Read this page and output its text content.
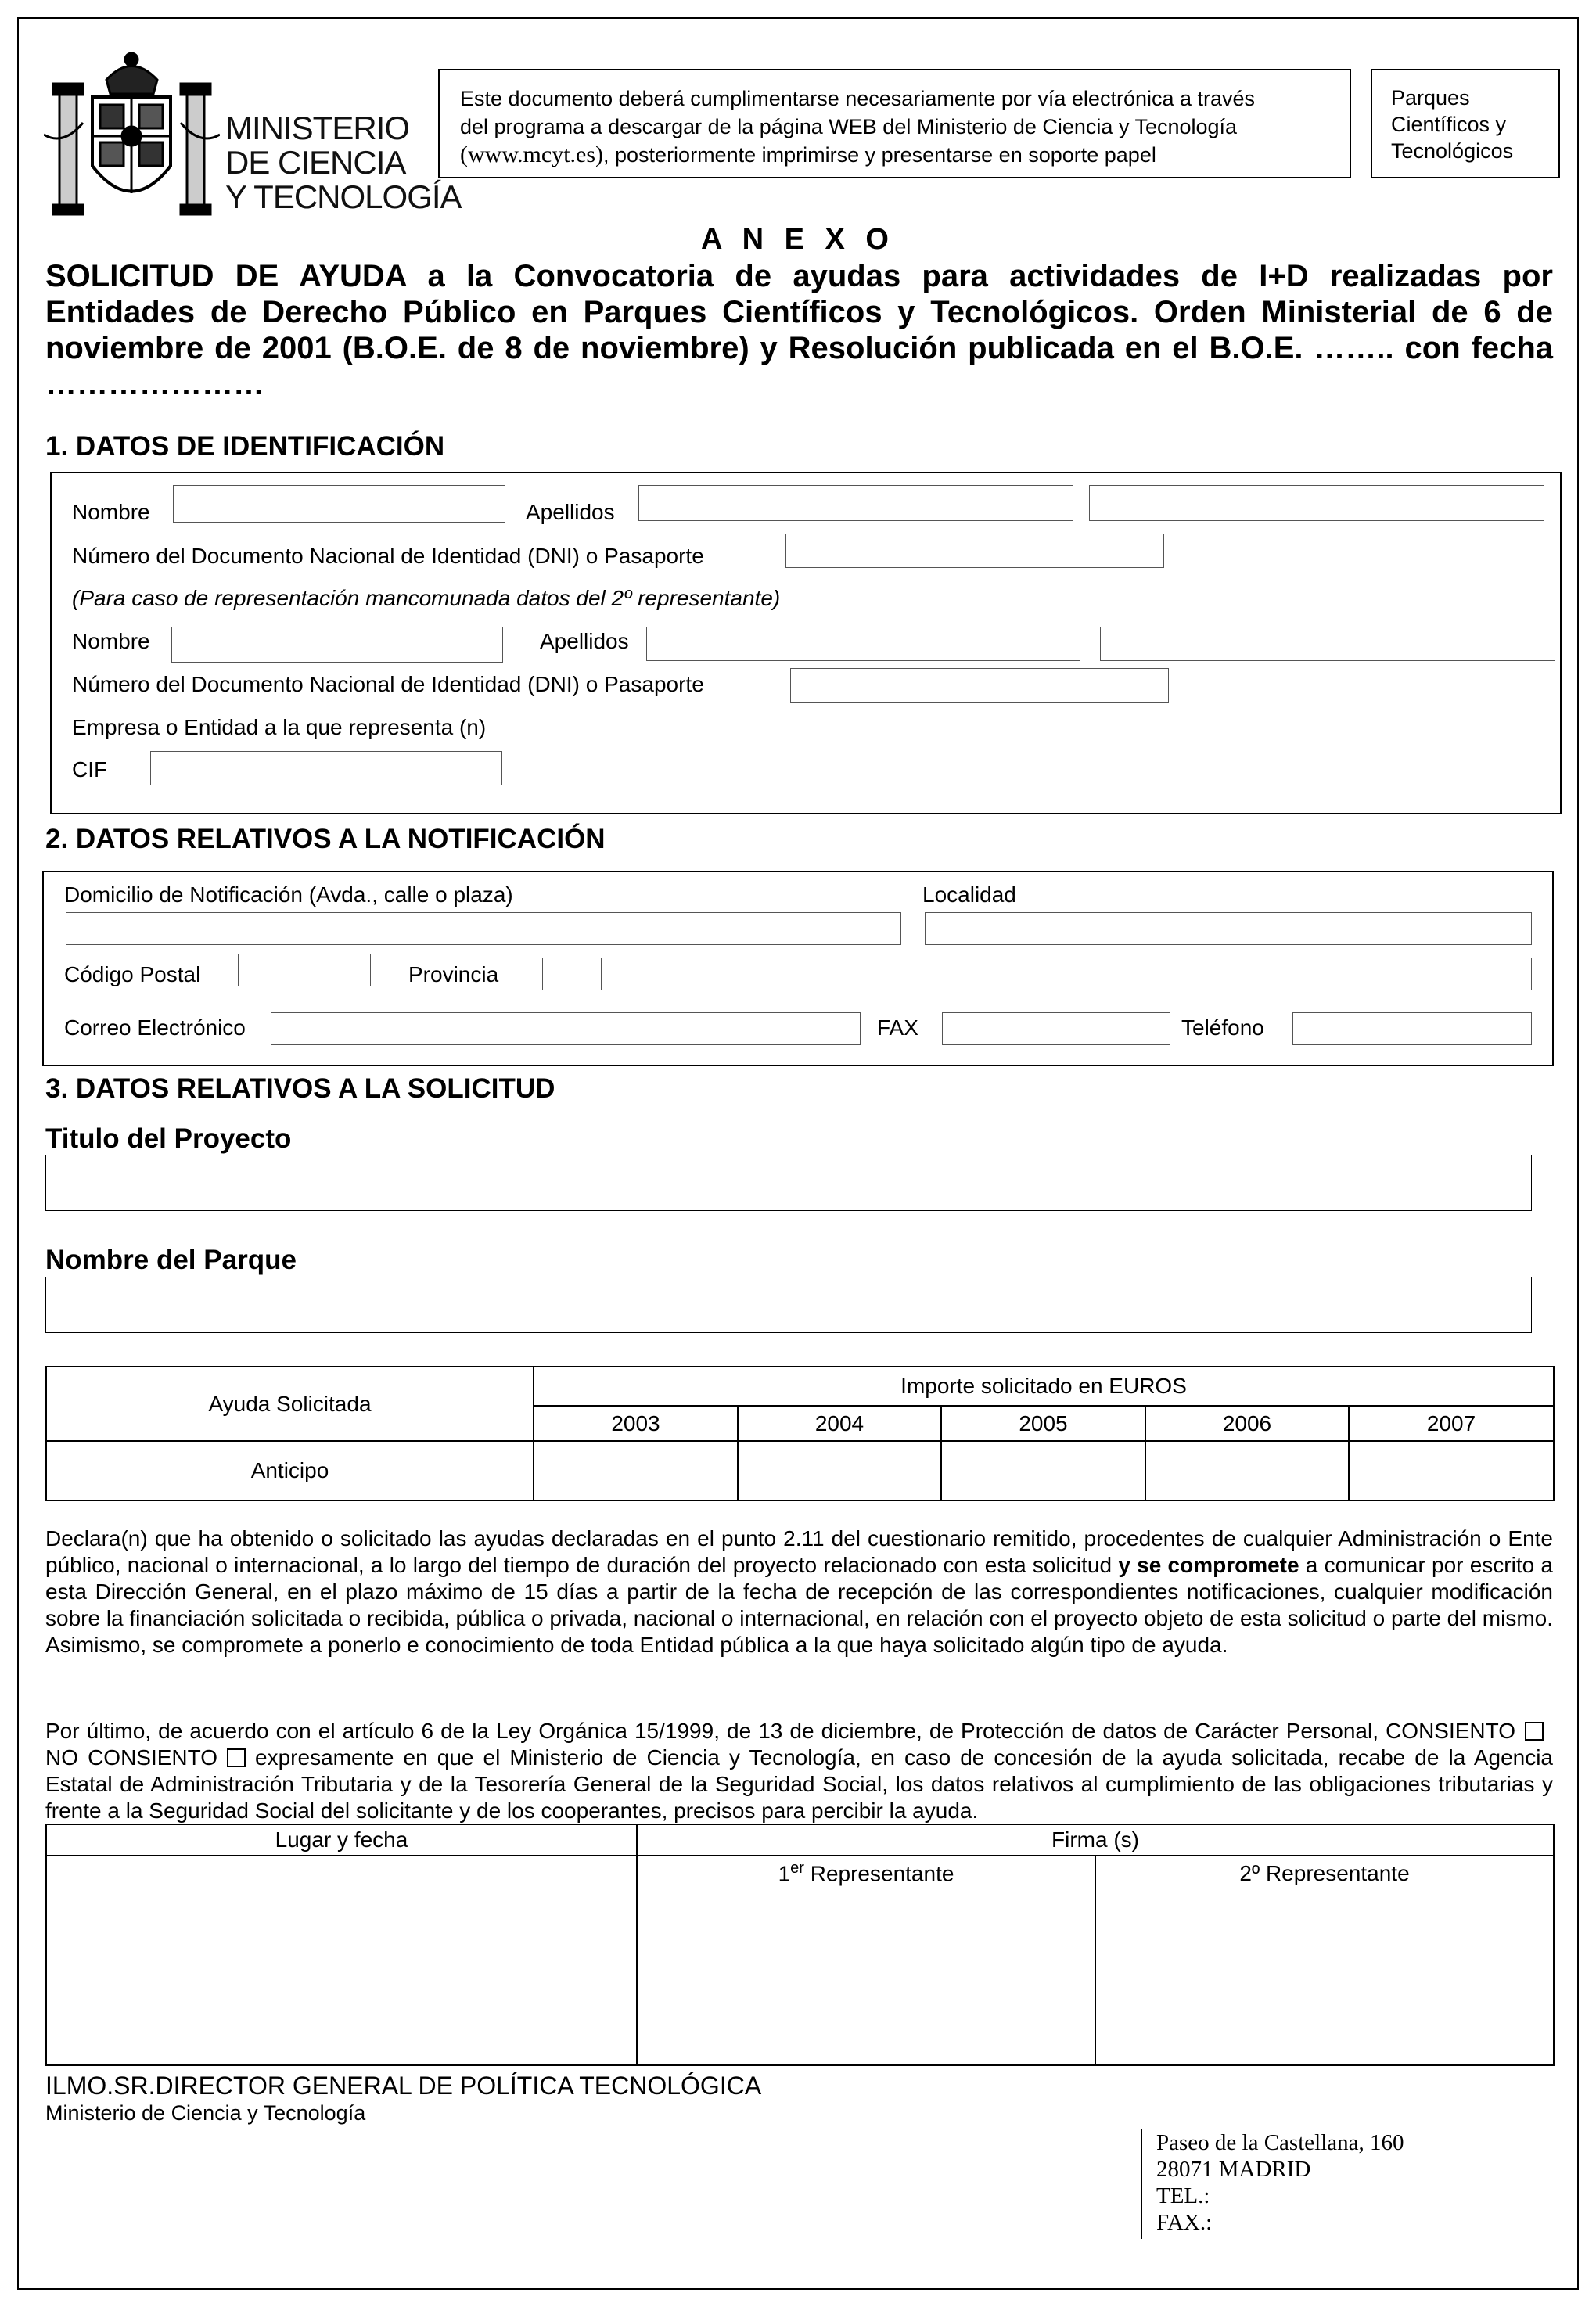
MINISTERIO
DE CIENCIA
Y TECNOLOGÍA
Este documento deberá cumplimentarse necesariamente por vía electrónica a través
del programa a descargar de la página WEB del Ministerio de Ciencia y Tecnología
(www.mcyt.es), posteriormente imprimirse y presentarse en soporte papel
Parques
Científicos y
Tecnológicos
A N E X O
SOLICITUD DE AYUDA a la Convocatoria de ayudas para actividades de I+D realizadas por
Entidades de Derecho Público en Parques Científicos y Tecnológicos. Orden Ministerial de 6 de
noviembre de 2001 (B.O.E. de 8 de noviembre) y Resolución publicada en el B.O.E. …….. con fecha
…………………
1. DATOS DE IDENTIFICACIÓN
Nombre	Apellidos
Número del Documento Nacional de Identidad (DNI) o Pasaporte
(Para caso de representación mancomunada datos del 2º representante)
Nombre	Apellidos
Número del Documento Nacional de Identidad (DNI) o Pasaporte
Empresa o Entidad a la que representa (n)
CIF
2. DATOS RELATIVOS A LA NOTIFICACIÓN
Domicilio de Notificación (Avda., calle o plaza)	Localidad
Código Postal	Provincia
Correo Electrónico	FAX	Teléfono
3. DATOS RELATIVOS A LA SOLICITUD
Titulo del Proyecto
Nombre del Parque
Ayuda Solicitada	Importe solicitado en EUROS				
	2003	2004	2005	2006	2007
Anticipo					
Declara(n) que ha obtenido o solicitado las ayudas declaradas en el punto 2.11 del cuestionario remitido, procedentes de cualquier Administración o Ente público, nacional o internacional, a lo largo del tiempo de duración del proyecto relacionado con esta solicitud y se compromete a comunicar por escrito a esta Dirección General, en el plazo máximo de 15 días a partir de la fecha de recepción de las correspondientes notificaciones, cualquier modificación sobre la financiación solicitada o recibida, pública o privada, nacional o internacional, en relación con el proyecto objeto de esta solicitud o parte del mismo. Asimismo, se compromete a ponerlo e conocimiento de toda Entidad pública a la que haya solicitado algún tipo de ayuda.
Por último, de acuerdo con el artículo 6 de la Ley Orgánica 15/1999, de 13 de diciembre, de Protección de datos de Carácter Personal, CONSIENTONO CONSIENTO expresamente en que el Ministerio de Ciencia y Tecnología, en caso de concesión de la ayuda solicitada, recabe de la Agencia Estatal de Administración Tributaria y de la Tesorería General de la Seguridad Social, los datos relativos al cumplimiento de las obligaciones tributarias y frente a la Seguridad Social del solicitante y de los cooperantes, precisos para percibir la ayuda.
Lugar y fecha	Firma (s)	
	1er Representante	2º Representante
ILMO.SR.DIRECTOR GENERAL DE POLÍTICA TECNOLÓGICA
Ministerio de Ciencia y Tecnología
Paseo de la Castellana, 160
28071 MADRID
TEL.:
FAX.:
